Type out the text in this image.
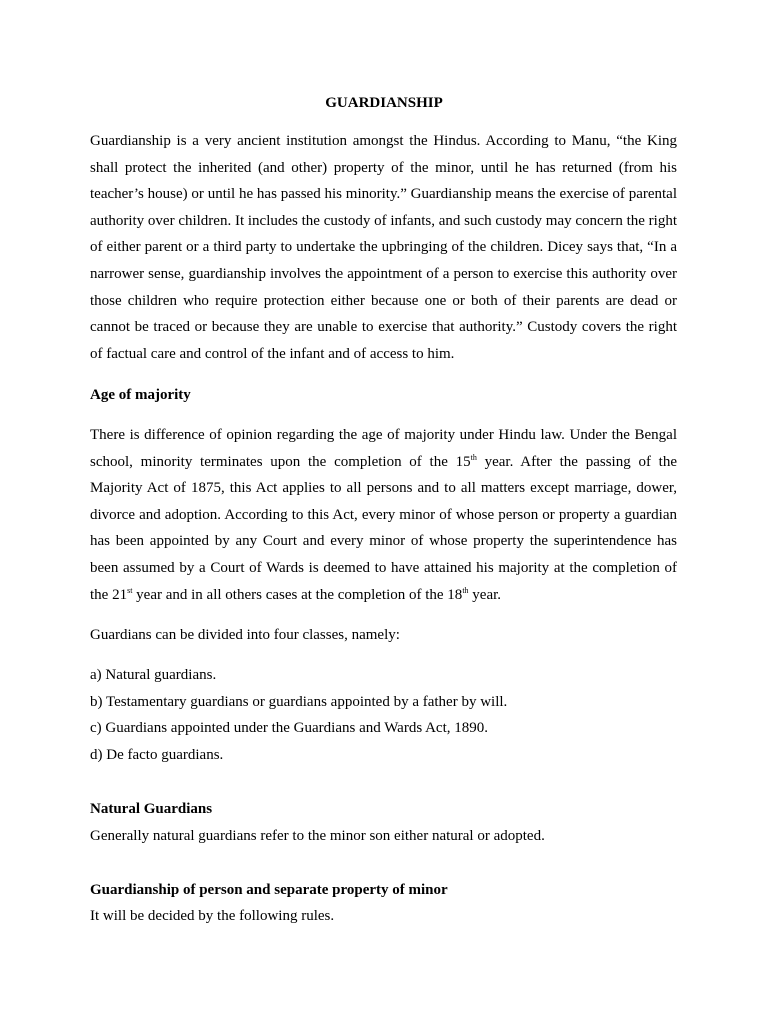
GUARDIANSHIP

Guardianship is a very ancient institution amongst the Hindus. According to Manu, “the King shall protect the inherited (and other) property of the minor, until he has returned (from his teacher’s house) or until he has passed his minority.” Guardianship means the exercise of parental authority over children. It includes the custody of infants, and such custody may concern the right of either parent or a third party to undertake the upbringing of the children. Dicey says that, “In a narrower sense, guardianship involves the appointment of a person to exercise this authority over those children who require protection either because one or both of their parents are dead or cannot be traced or because they are unable to exercise that authority.” Custody covers the right of factual care and control of the infant and of access to him.

Age of majority

There is difference of opinion regarding the age of majority under Hindu law. Under the Bengal school, minority terminates upon the completion of the 15th year. After the passing of the Majority Act of 1875, this Act applies to all persons and to all matters except marriage, dower, divorce and adoption. According to this Act, every minor of whose person or property a guardian has been appointed by any Court and every minor of whose property the superintendence has been assumed by a Court of Wards is deemed to have attained his majority at the completion of the 21st year and in all others cases at the completion of the 18th year.

Guardians can be divided into four classes, namely:

a) Natural guardians.
b) Testamentary guardians or guardians appointed by a father by will.
c) Guardians appointed under the Guardians and Wards Act, 1890.
d) De facto guardians.

Natural Guardians

Generally natural guardians refer to the minor son either natural or adopted.

Guardianship of person and separate property of minor

It will be decided by the following rules.
